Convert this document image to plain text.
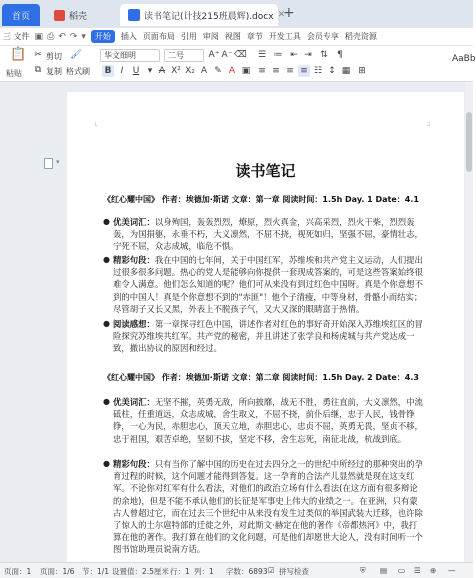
首页	稻壳	读书笔记(计技215班晨辉).docx ✕
+
三 文件 ▣ ⎙ ↶ ↷ ▾	开始	插入 页面布局 引用 审阅 视图 章节 开发工具 会员专享 稻壳资源
📋
粘贴
✂ 剪切
⧉ 复制
🖌
格式刷
华文细明	二号	A⁺ A⁻ ⌫
B	I	U ▾ A X² X₂ A ✎ A ▣
☰ ≔ ⇤ ⇥ ⇅	¶
≡ ≡ ≡ ≡ ☷ ↕ ▦ ⊞
AaBb
└	┘
读书笔记
《红心耀中国》 作者：埃德加·斯诺 文章：第一章 阅读时间：1.5h Day. 1 Date：4.1
● 优美词汇：以身殉国，轰轰烈烈，燎原，烈火真金，兴高采烈，烈火干柴，烈烈轰轰，为国捐躯，永垂不朽，大义凛然，不屈不挠，视死如归，坚强不屈，豪情壮志，宁死不屈，众志成城，临危不惧。
● 精彩句段：我在中国的七年间，关于中国红军，苏维埃和共产党主义运动，人们提出过很多很多问题。热心的党人是能够向你提供一套现成答案的，可是这些答案始终很难令人满意。他们怎么知道的呢？他们可从来没有到过红色中国呀。真是个你意想不到的中国人！真是个你意想不到的"赤匪"！他个子清瘦，中等身材，骨骼小而结实；尽管胡子又长又黑，外表上不脱孩子气，又大又深的眼睛富于热情。
● 阅读感想：第一章探寻红色中国，讲述作者对红色的事好奇开始深入苏维埃红区的冒险探究苏维埃共红军。共产党的秘密，并且讲述了张学良和杨虎城与共产党达成一致，撤出协议的原因和经过。
《红心耀中国》 作者：埃德加·斯诺 文章：第二章 阅读时间：1.5h Day. 2 Date：4.3
● 优美词汇：无坚不摧，英勇无敌，所向披靡，战无不胜，勇往直前，大义凛然，中流砥柱，任重道远，众志成城，舍生取义，不屈不挠，前仆后继，忠于人民，钱骨铮铮，一心为民，赤胆忠心，顶天立地，赤胆忠心，忠贞不屈，英勇无畏，坚贞不移，忠于祖国，艰苦卓绝，坚韧不拔，坚定不移，舍生忘死，南征北战，杭战到底。
● 精彩句段：只有当你了解中国的历史在过去四分之一的世纪中所经过的那种突出的孕育过程的时候，这个问题才能得到答复。这一孕育的合法产儿显然就是现在这支红军。不论你对红军有什么看法，对他们的政治立场有什么看法(在这方面有很多辩论的余地)，但是不能不承认他们的长征是军事史上伟大的业绩之一。在亚洲，只有蒙古人曾超过它，而在过去三个世纪中从来没有发生过类似的举国武装大迁移，也许除了惊人的土尔扈特部的迁徙之外，对此斯文·赫定在他的著作《帝都热河》中，我打算在他的著作。我打算在他们的文化问题，可是他们却愿世大论人，没有时间听一个图书馆助理员说南方话。
▾
页面：1 页面：1/6 节：1/1 设置值：2.5厘米 行：1 列：1 字数：6893 ☑ 拼写检查	⛨ ▤ ▭ ☰ ⊕ —
